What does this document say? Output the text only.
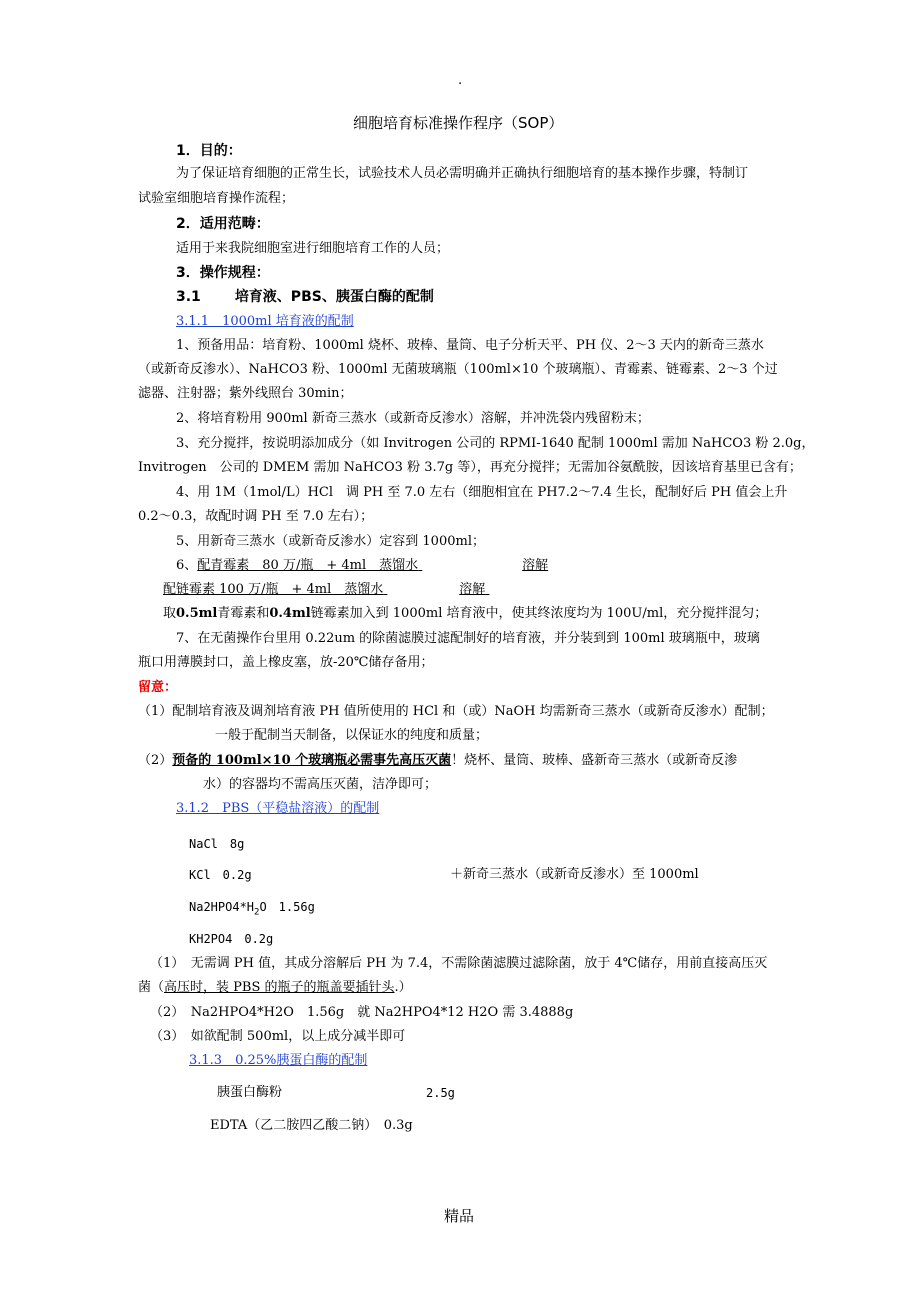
.
细胞培育标准操作程序（SOP）
1．目的：
为了保证培育细胞的正常生长，试验技术人员必需明确并正确执行细胞培育的基本操作步骤，特制订
试验室细胞培育操作流程；
2．适用范畴：
适用于来我院细胞室进行细胞培育工作的人员；
3．操作规程：
3.1 培育液、PBS、胰蛋白酶的配制
3.1.1　1000ml 培育液的配制
1、预备用品：培育粉、1000ml 烧杯、玻棒、量筒、电子分析天平、PH 仪、2～3 天内的新奇三蒸水
（或新奇反渗水）、NaHCO3 粉、1000ml 无菌玻璃瓶（100ml×10 个玻璃瓶）、青霉素、链霉素、2～3 个过
滤器、注射器；紫外线照台 30min；
2、将培育粉用 900ml 新奇三蒸水（或新奇反渗水）溶解，并冲洗袋内残留粉末；
3、充分搅拌，按说明添加成分（如 Invitrogen 公司的 RPMI-1640 配制 1000ml 需加 NaHCO3 粉 2.0g，
Invitrogen　公司的 DMEM 需加 NaHCO3 粉 3.7g 等），再充分搅拌；无需加谷氨酰胺，因该培育基里已含有；
4、用 1M（1mol/L）HCl　调 PH 至 7.0 左右（细胞相宜在 PH7.2～7.4 生长，配制好后 PH 值会上升
0.2～0.3，故配时调 PH 至 7.0 左右）；
5、用新奇三蒸水（或新奇反渗水）定容到 1000ml；
6、配青霉素　80 万/瓶　+ 4ml　蒸馏水	溶解
配链霉素 100 万/瓶　+ 4ml　蒸馏水	溶解
取0.5ml青霉素和0.4ml链霉素加入到 1000ml 培育液中，使其终浓度均为 100U/ml，充分搅拌混匀；
7、在无菌操作台里用 0.22um 的除菌滤膜过滤配制好的培育液，并分装到到 100ml 玻璃瓶中，玻璃
瓶口用薄膜封口，盖上橡皮塞，放-20℃储存备用；
留意：
（1）配制培育液及调剂培育液 PH 值所使用的 HCl 和（或）NaOH 均需新奇三蒸水（或新奇反渗水）配制；
一般于配制当天制备，以保证水的纯度和质量；
（2）预备的 100ml×10 个玻璃瓶必需事先高压灭菌！烧杯、量筒、玻棒、盛新奇三蒸水（或新奇反渗
水）的容器均不需高压灭菌，洁净即可；
3.1.2　PBS（平稳盐溶液）的配制
NaCl　8g
KCl　0.2g	＋新奇三蒸水（或新奇反渗水）至 1000ml
$Na2HPO4*H_2O$　1.56g
KH2PO4　0.2g
（1）　无需调 PH 值，其成分溶解后 PH 为 7.4，不需除菌滤膜过滤除菌，放于 4℃储存，用前直接高压灭
菌（高压时，装 PBS 的瓶子的瓶盖要插针头.）
（2）　Na2HPO4*H2O　1.56g　就 Na2HPO4*12 H2O 需 3.4888g
（3）　如欲配制 500ml，以上成分减半即可
3.1.3　0.25%胰蛋白酶的配制
胰蛋白酶粉	2.5g
EDTA（乙二胺四乙酸二钠）　0.3g
精品
